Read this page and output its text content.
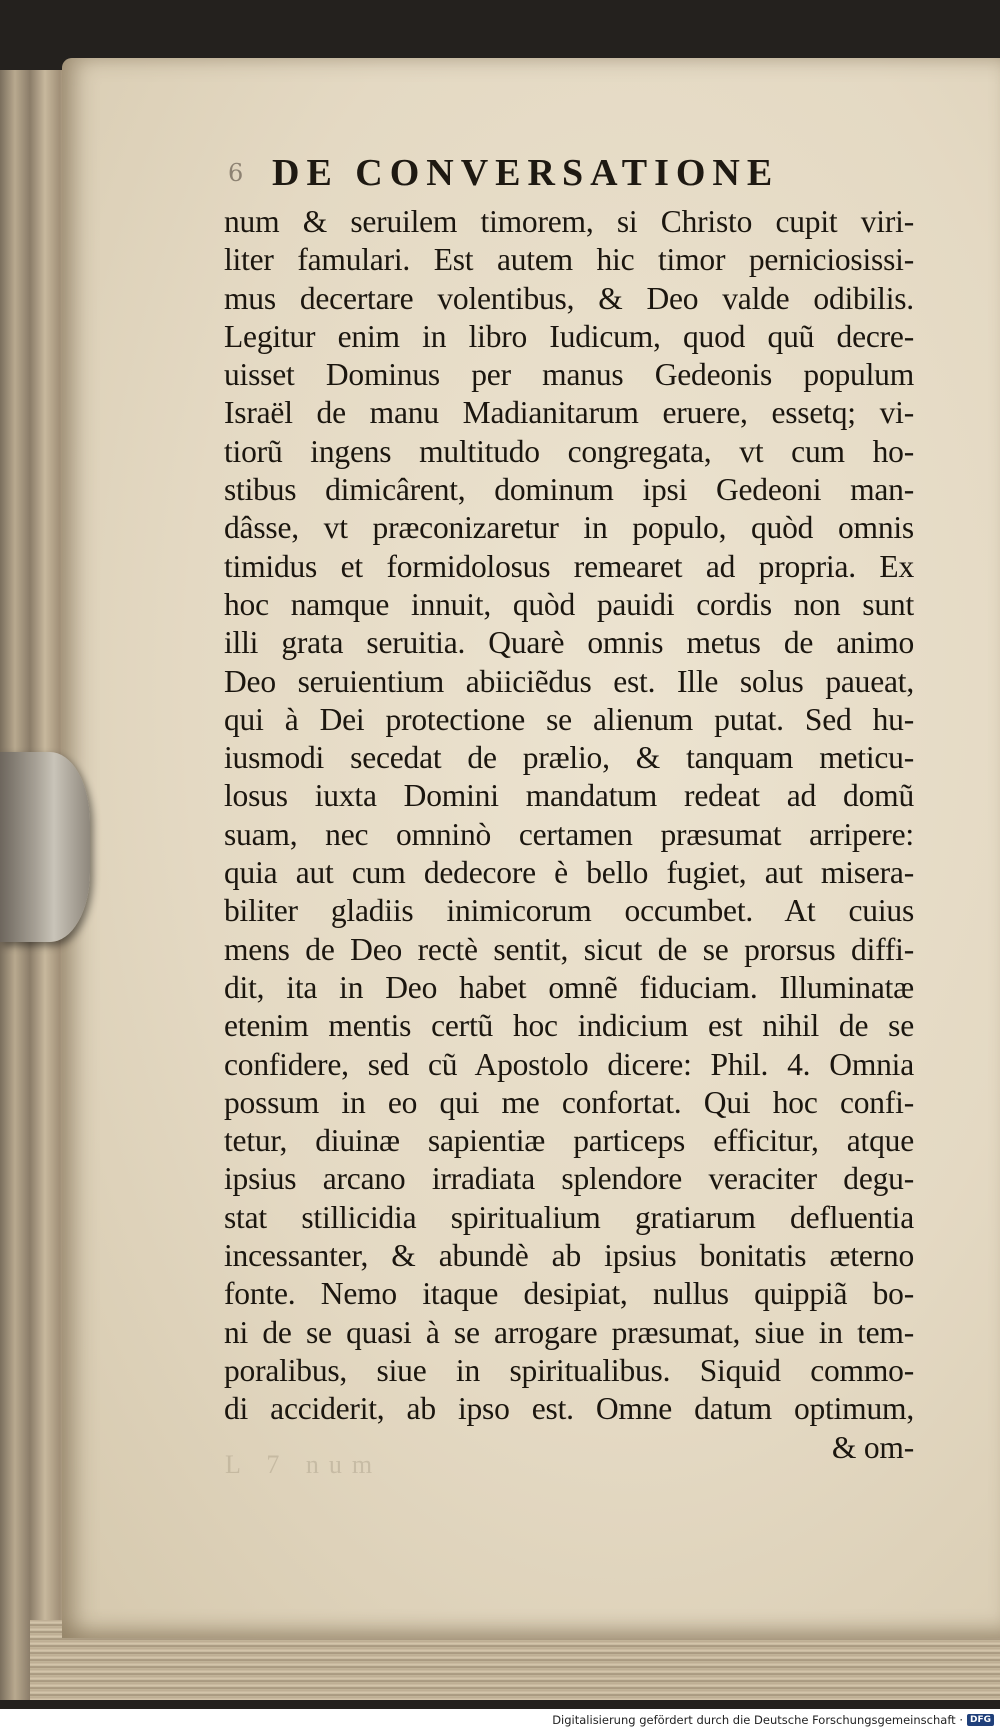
6 DE CONVERSATIONE
num & seruilem timorem, si Christo cupit viri-
liter famulari. Est autem hic timor perniciosissi-
mus decertare volentibus, & Deo valde odibilis.
Legitur enim in libro Iudicum, quod quũ decre-
uisset Dominus per manus Gedeonis populum
Israël de manu Madianitarum eruere, essetq; vi-
tiorũ ingens multitudo congregata, vt cum ho-
stibus dimicârent, dominum ipsi Gedeoni man-
dâsse, vt præconizaretur in populo, quòd omnis
timidus et formidolosus remearet ad propria. Ex
hoc namque innuit, quòd pauidi cordis non sunt
illi grata seruitia. Quarè omnis metus de animo
Deo seruientium abiiciẽdus est. Ille solus paueat,
qui à Dei protectione se alienum putat. Sed hu-
iusmodi secedat de prælio, & tanquam meticu-
losus iuxta Domini mandatum redeat ad domũ
suam, nec omninò certamen præsumat arripere:
quia aut cum dedecore è bello fugiet, aut misera-
biliter gladiis inimicorum occumbet. At cuius
mens de Deo rectè sentit, sicut de se prorsus diffi-
dit, ita in Deo habet omnẽ fiduciam. Illuminatæ
etenim mentis certũ hoc indicium est nihil de se
confidere, sed cũ Apostolo dicere: Phil. 4. Omnia
possum in eo qui me confortat. Qui hoc confi-
tetur, diuinæ sapientiæ particeps efficitur, atque
ipsius arcano irradiata splendore veraciter degu-
stat stillicidia spiritualium gratiarum defluentia
incessanter, & abundè ab ipsius bonitatis æterno
fonte. Nemo itaque desipiat, nullus quippiã bo-
ni de se quasi à se arrogare præsumat, siue in tem-
poralibus, siue in spiritualibus. Siquid commo-
di acciderit, ab ipso est. Omne datum optimum,
& om-
L 7 num
Digitalisierung gefördert durch die Deutsche Forschungsgemeinschaft · DFG
